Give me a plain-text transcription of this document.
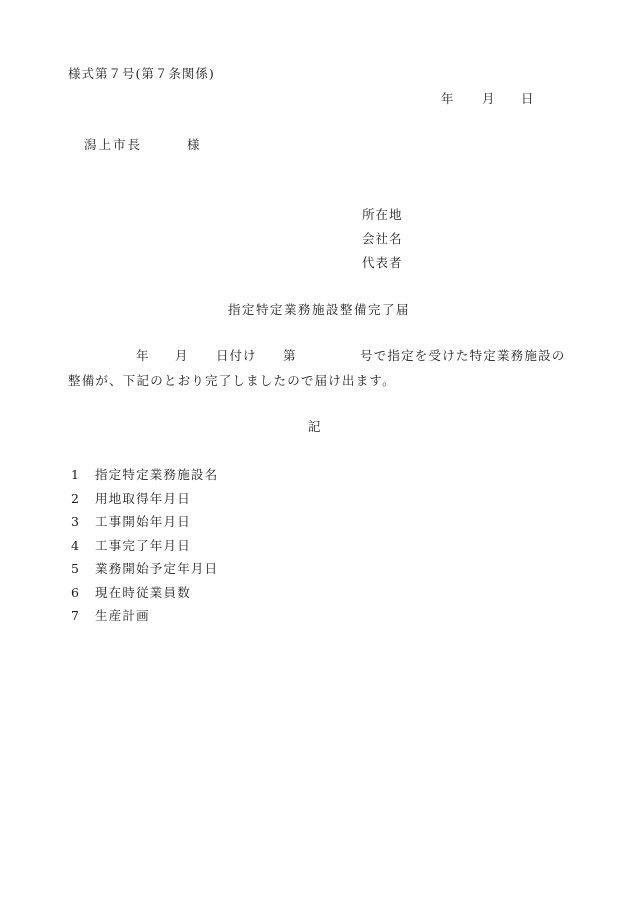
様式第７号(第７条関係)
年 月 日
潟上市長	様
所在地
会社名
代表者
指定特定業務施設整備完了届
年 月 日付け 第	号で指定を受けた特定業務施設の
整備が、下記のとおり完了しましたので届け出ます。
記
1 指定特定業務施設名
2 用地取得年月日
3 工事開始年月日
4 工事完了年月日
5 業務開始予定年月日
6 現在時従業員数
7 生産計画
